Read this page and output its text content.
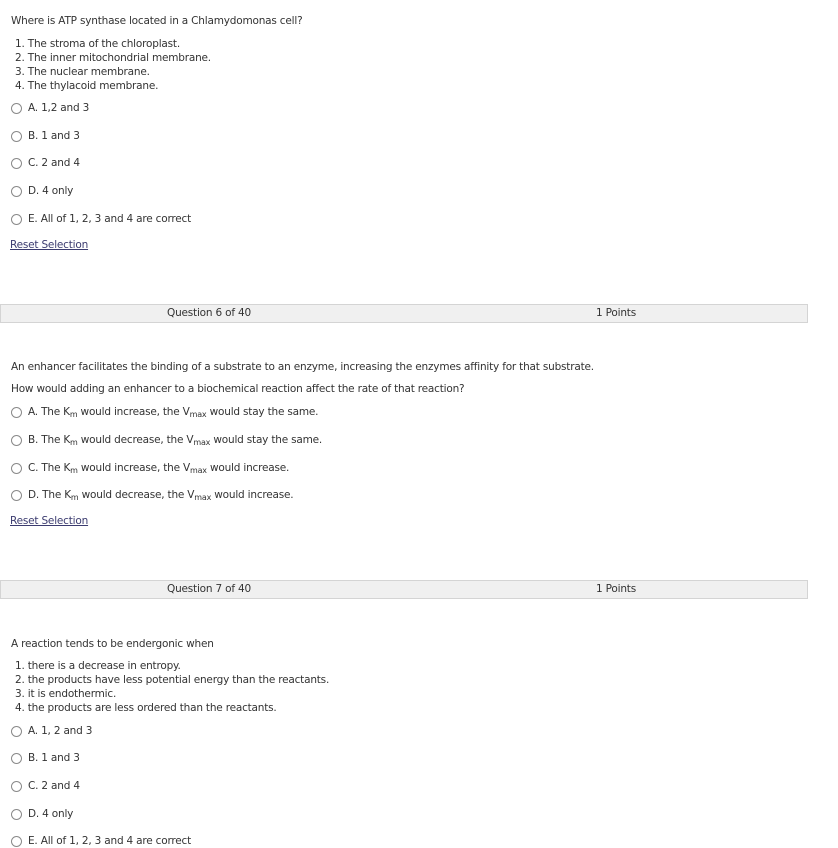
Where is ATP synthase located in a Chlamydomonas cell?
1. The stroma of the chloroplast.
2. The inner mitochondrial membrane.
3. The nuclear membrane.
4. The thylacoid membrane.
A. 1,2 and 3
B. 1 and 3
C. 2 and 4
D. 4 only
E. All of 1, 2, 3 and 4 are correct
Reset Selection
Question 6 of 40	1 Points
An enhancer facilitates the binding of a substrate to an enzyme, increasing the enzymes affinity for that substrate.
How would adding an enhancer to a biochemical reaction affect the rate of that reaction?
A. The $K_m$ would increase, the $V_{max}$ would stay the same.
B. The $K_m$ would decrease, the $V_{max}$ would stay the same.
C. The $K_m$ would increase, the $V_{max}$ would increase.
D. The $K_m$ would decrease, the $V_{max}$ would increase.
Reset Selection
Question 7 of 40	1 Points
A reaction tends to be endergonic when
1. there is a decrease in entropy.
2. the products have less potential energy than the reactants.
3. it is endothermic.
4. the products are less ordered than the reactants.
A. 1, 2 and 3
B. 1 and 3
C. 2 and 4
D. 4 only
E. All of 1, 2, 3 and 4 are correct
